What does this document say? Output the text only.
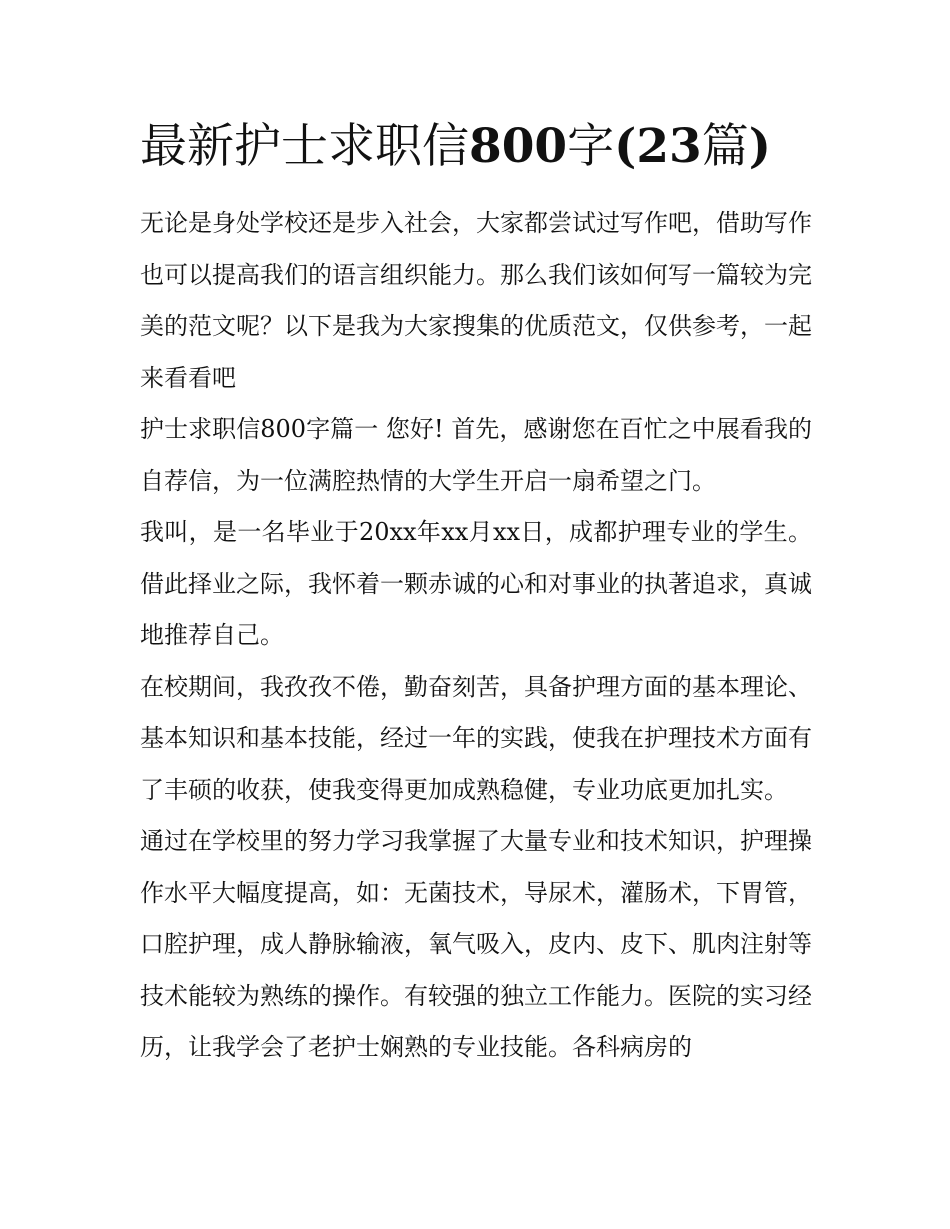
最新护士求职信800字(23篇)

无论是身处学校还是步入社会，大家都尝试过写作吧，借助写作也可以提高我们的语言组织能力。那么我们该如何写一篇较为完美的范文呢？以下是我为大家搜集的优质范文，仅供参考，一起来看看吧

护士求职信800字篇一 您好! 首先，感谢您在百忙之中展看我的自荐信，为一位满腔热情的大学生开启一扇希望之门。

我叫，是一名毕业于20xx年xx月xx日，成都护理专业的学生。借此择业之际，我怀着一颗赤诚的心和对事业的执著追求，真诚地推荐自己。

在校期间，我孜孜不倦，勤奋刻苦，具备护理方面的基本理论、基本知识和基本技能，经过一年的实践，使我在护理技术方面有了丰硕的收获，使我变得更加成熟稳健，专业功底更加扎实。

通过在学校里的努力学习我掌握了大量专业和技术知识，护理操作水平大幅度提高，如：无菌技术，导尿术，灌肠术，下胃管，口腔护理，成人静脉输液，氧气吸入，皮内、皮下、肌肉注射等技术能较为熟练的操作。有较强的独立工作能力。医院的实习经历，让我学会了老护士娴熟的专业技能。各科病房的
